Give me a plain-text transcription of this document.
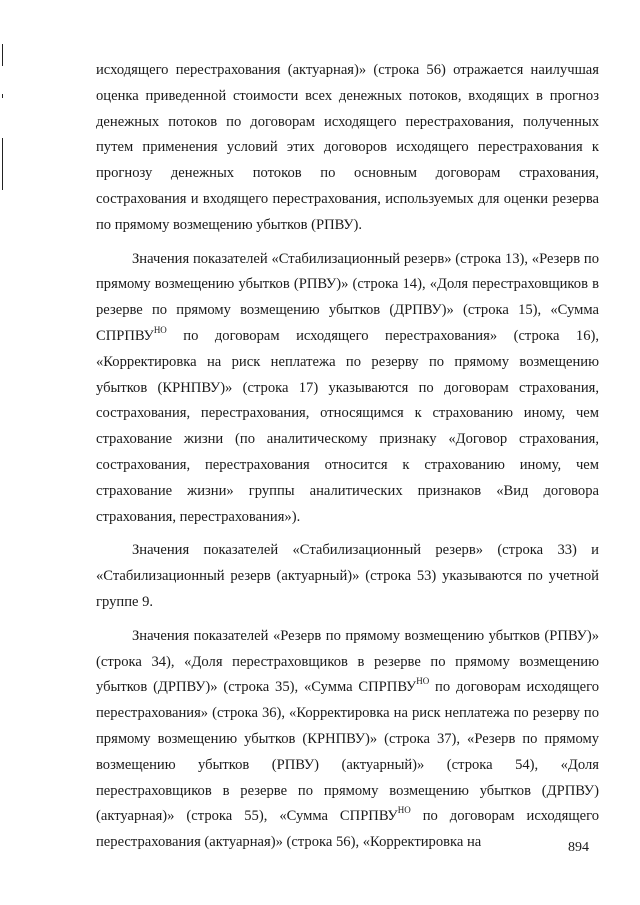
исходящего перестрахования (актуарная)» (строка 56) отражается наилучшая оценка приведенной стоимости всех денежных потоков, входящих в прогноз денежных потоков по договорам исходящего перестрахования, полученных путем применения условий этих договоров исходящего перестрахования к прогнозу денежных потоков по основным договорам страхования, сострахования и входящего перестрахования, используемых для оценки резерва по прямому возмещению убытков (РПВУ).

Значения показателей «Стабилизационный резерв» (строка 13), «Резерв по прямому возмещению убытков (РПВУ)» (строка 14), «Доля перестраховщиков в резерве по прямому возмещению убытков (ДРПВУ)» (строка 15), «Сумма $СПРПВУ^{НО}$ по договорам исходящего перестрахования» (строка 16), «Корректировка на риск неплатежа по резерву по прямому возмещению убытков (КРНПВУ)» (строка 17) указываются по договорам страхования, сострахования, перестрахования, относящимся к страхованию иному, чем страхование жизни (по аналитическому признаку «Договор страхования, сострахования, перестрахования относится к страхованию иному, чем страхование жизни» группы аналитических признаков «Вид договора страхования, перестрахования»).

Значения показателей «Стабилизационный резерв» (строка 33) и «Стабилизационный резерв (актуарный)» (строка 53) указываются по учетной группе 9.

Значения показателей «Резерв по прямому возмещению убытков (РПВУ)» (строка 34), «Доля перестраховщиков в резерве по прямому возмещению убытков (ДРПВУ)» (строка 35), «Сумма $СПРПВУ^{НО}$ по договорам исходящего перестрахования» (строка 36), «Корректировка на риск неплатежа по резерву по прямому возмещению убытков (КРНПВУ)» (строка 37), «Резерв по прямому возмещению убытков (РПВУ) (актуарный)» (строка 54), «Доля перестраховщиков в резерве по прямому возмещению убытков (ДРПВУ) (актуарная)» (строка 55), «Сумма $СПРПВУ^{НО}$ по договорам исходящего перестрахования (актуарная)» (строка 56), «Корректировка на	894
